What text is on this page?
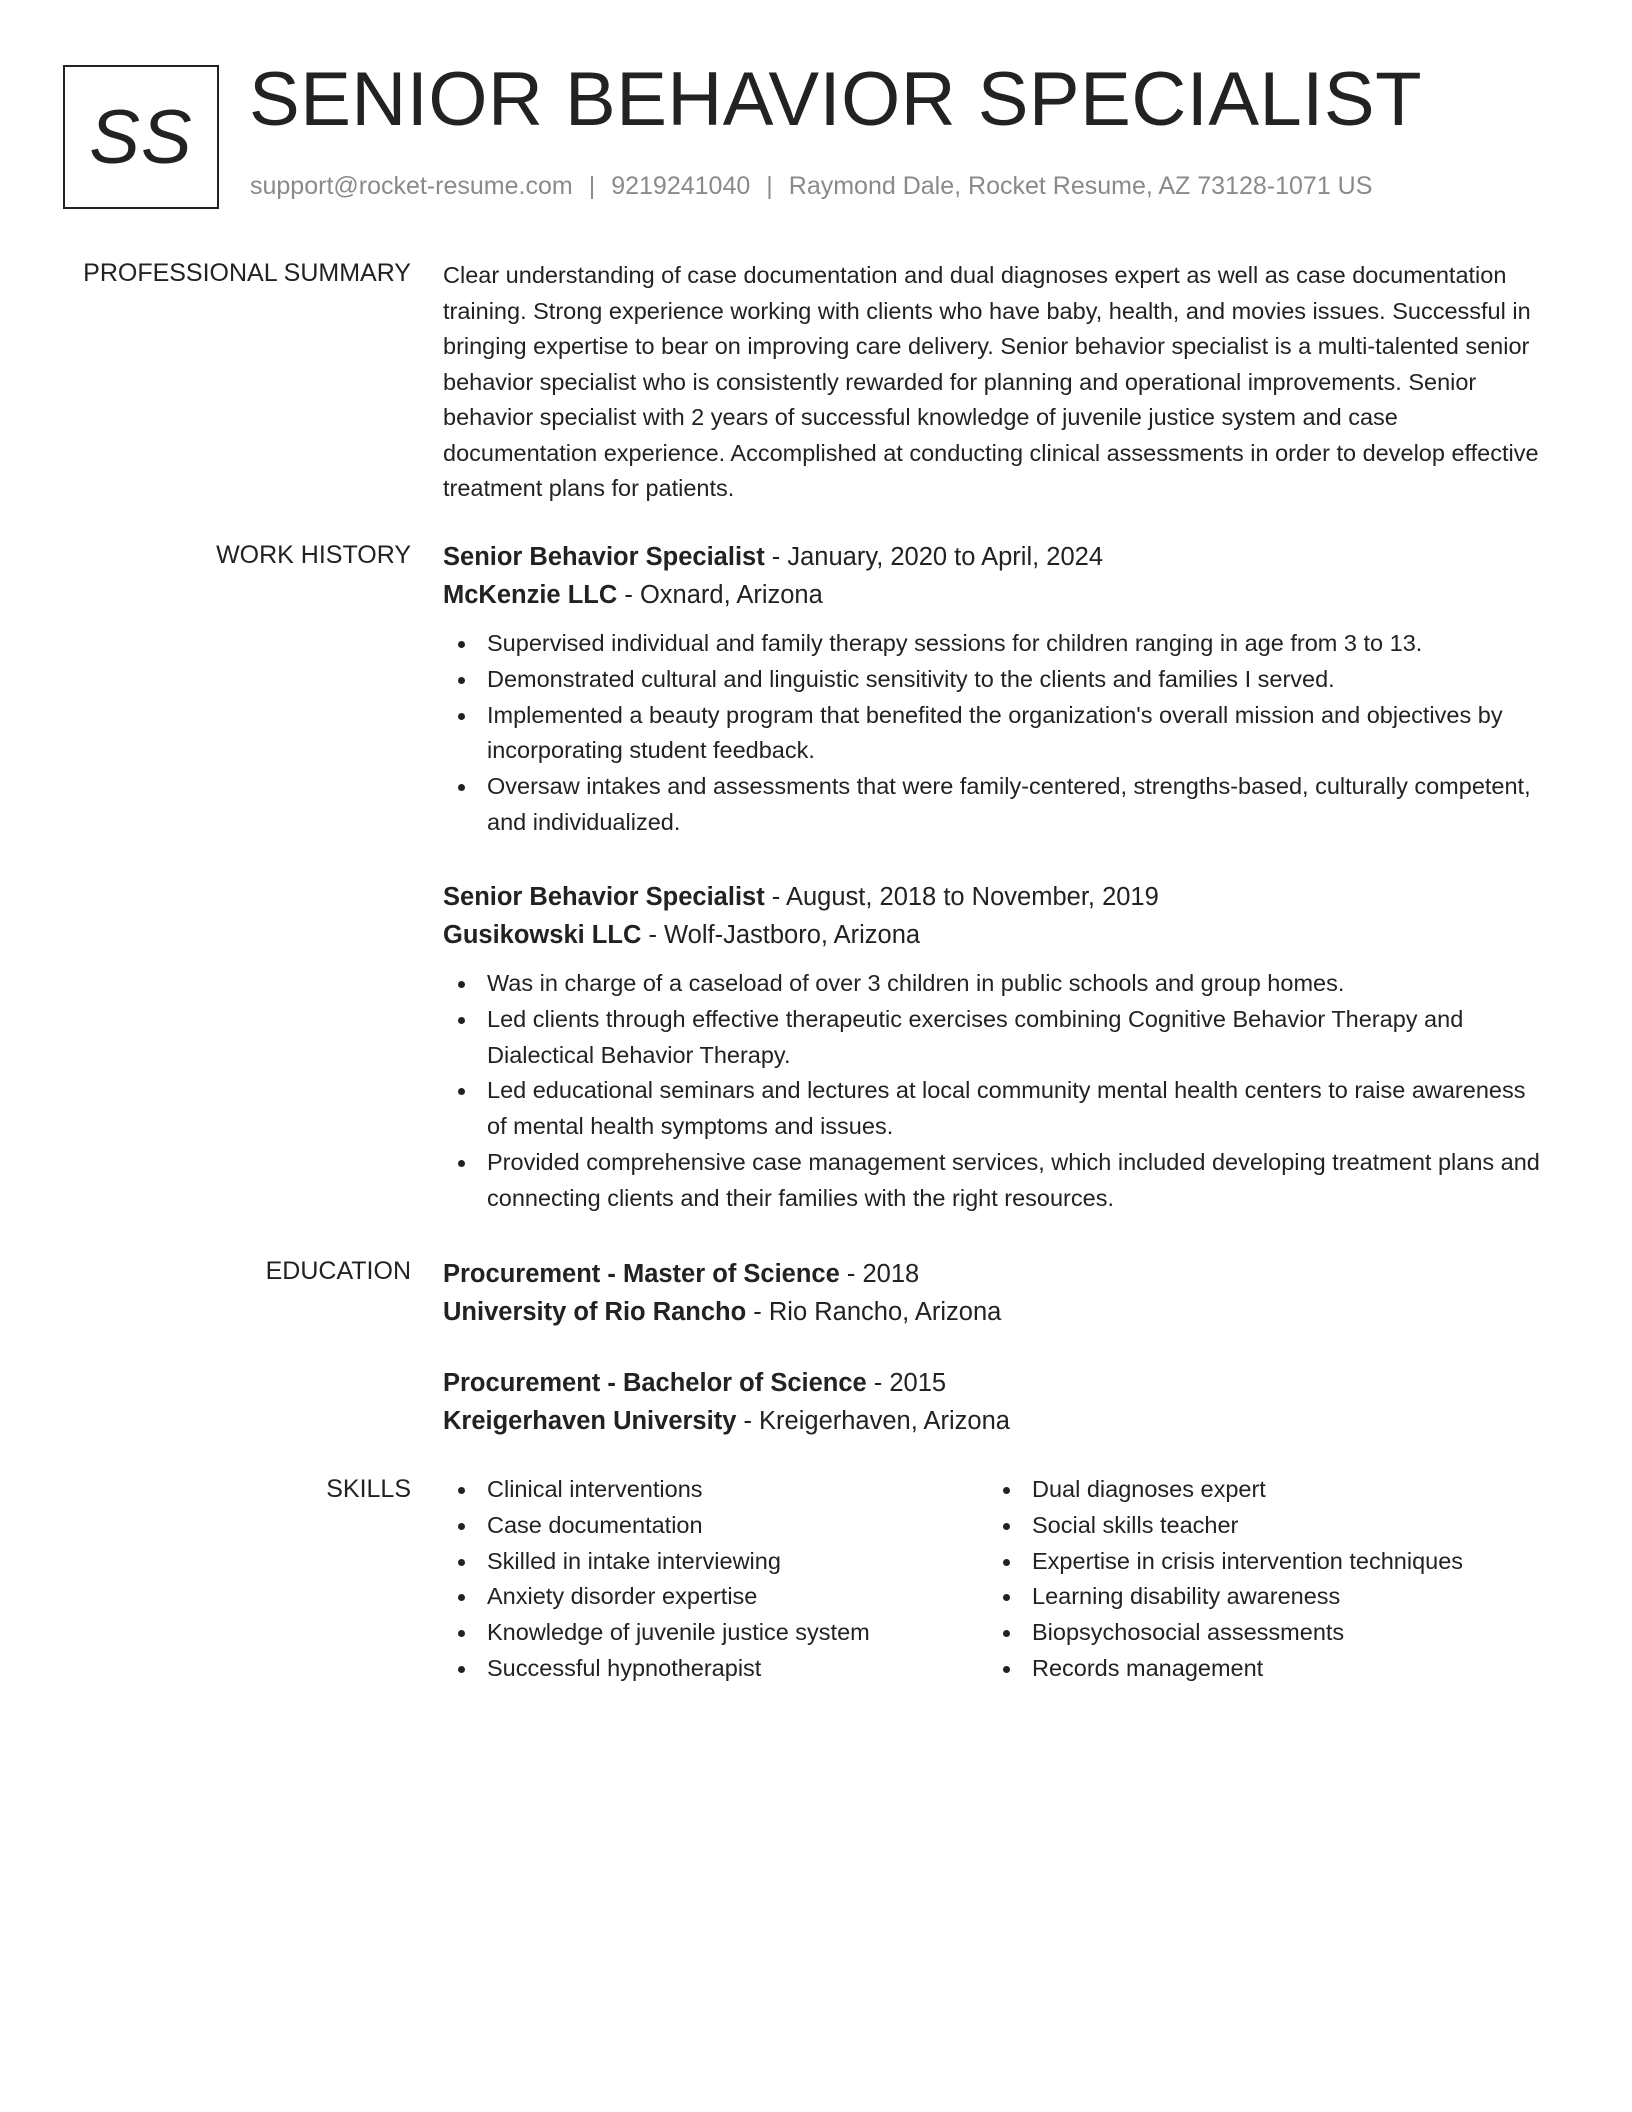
SS SENIOR BEHAVIOR SPECIALIST
support@rocket-resume.com | 9219241040 | Raymond Dale, Rocket Resume, AZ 73128-1071 US
PROFESSIONAL SUMMARY Clear understanding of case documentation and dual diagnoses expert as well as case documentation training. Strong experience working with clients who have baby, health, and movies issues. Successful in bringing expertise to bear on improving care delivery. Senior behavior specialist is a multi-talented senior behavior specialist who is consistently rewarded for planning and operational improvements. Senior behavior specialist with 2 years of successful knowledge of juvenile justice system and case documentation experience. Accomplished at conducting clinical assessments in order to develop effective treatment plans for patients.

WORK HISTORY Senior Behavior Specialist - January, 2020 to April, 2024
McKenzie LLC - Oxnard, Arizona
Supervised individual and family therapy sessions for children ranging in age from 3 to 13.
Demonstrated cultural and linguistic sensitivity to the clients and families I served.
Implemented a beauty program that benefited the organization's overall mission and objectives by incorporating student feedback.
Oversaw intakes and assessments that were family-centered, strengths-based, culturally competent, and individualized.
Senior Behavior Specialist - August, 2018 to November, 2019
Gusikowski LLC - Wolf-Jastboro, Arizona
Was in charge of a caseload of over 3 children in public schools and group homes.
Led clients through effective therapeutic exercises combining Cognitive Behavior Therapy and Dialectical Behavior Therapy.
Led educational seminars and lectures at local community mental health centers to raise awareness of mental health symptoms and issues.
Provided comprehensive case management services, which included developing treatment plans and connecting clients and their families with the right resources.
EDUCATION Procurement - Master of Science - 2018
University of Rio Rancho - Rio Rancho, Arizona
Procurement - Bachelor of Science - 2015
Kreigerhaven University - Kreigerhaven, Arizona
SKILLS	Clinical interventions
Case documentation
Skilled in intake interviewing
Anxiety disorder expertise
Knowledge of juvenile justice system
Successful hypnotherapist
Dual diagnoses expert
Social skills teacher
Expertise in crisis intervention techniques
Learning disability awareness
Biopsychosocial assessments
Records management
